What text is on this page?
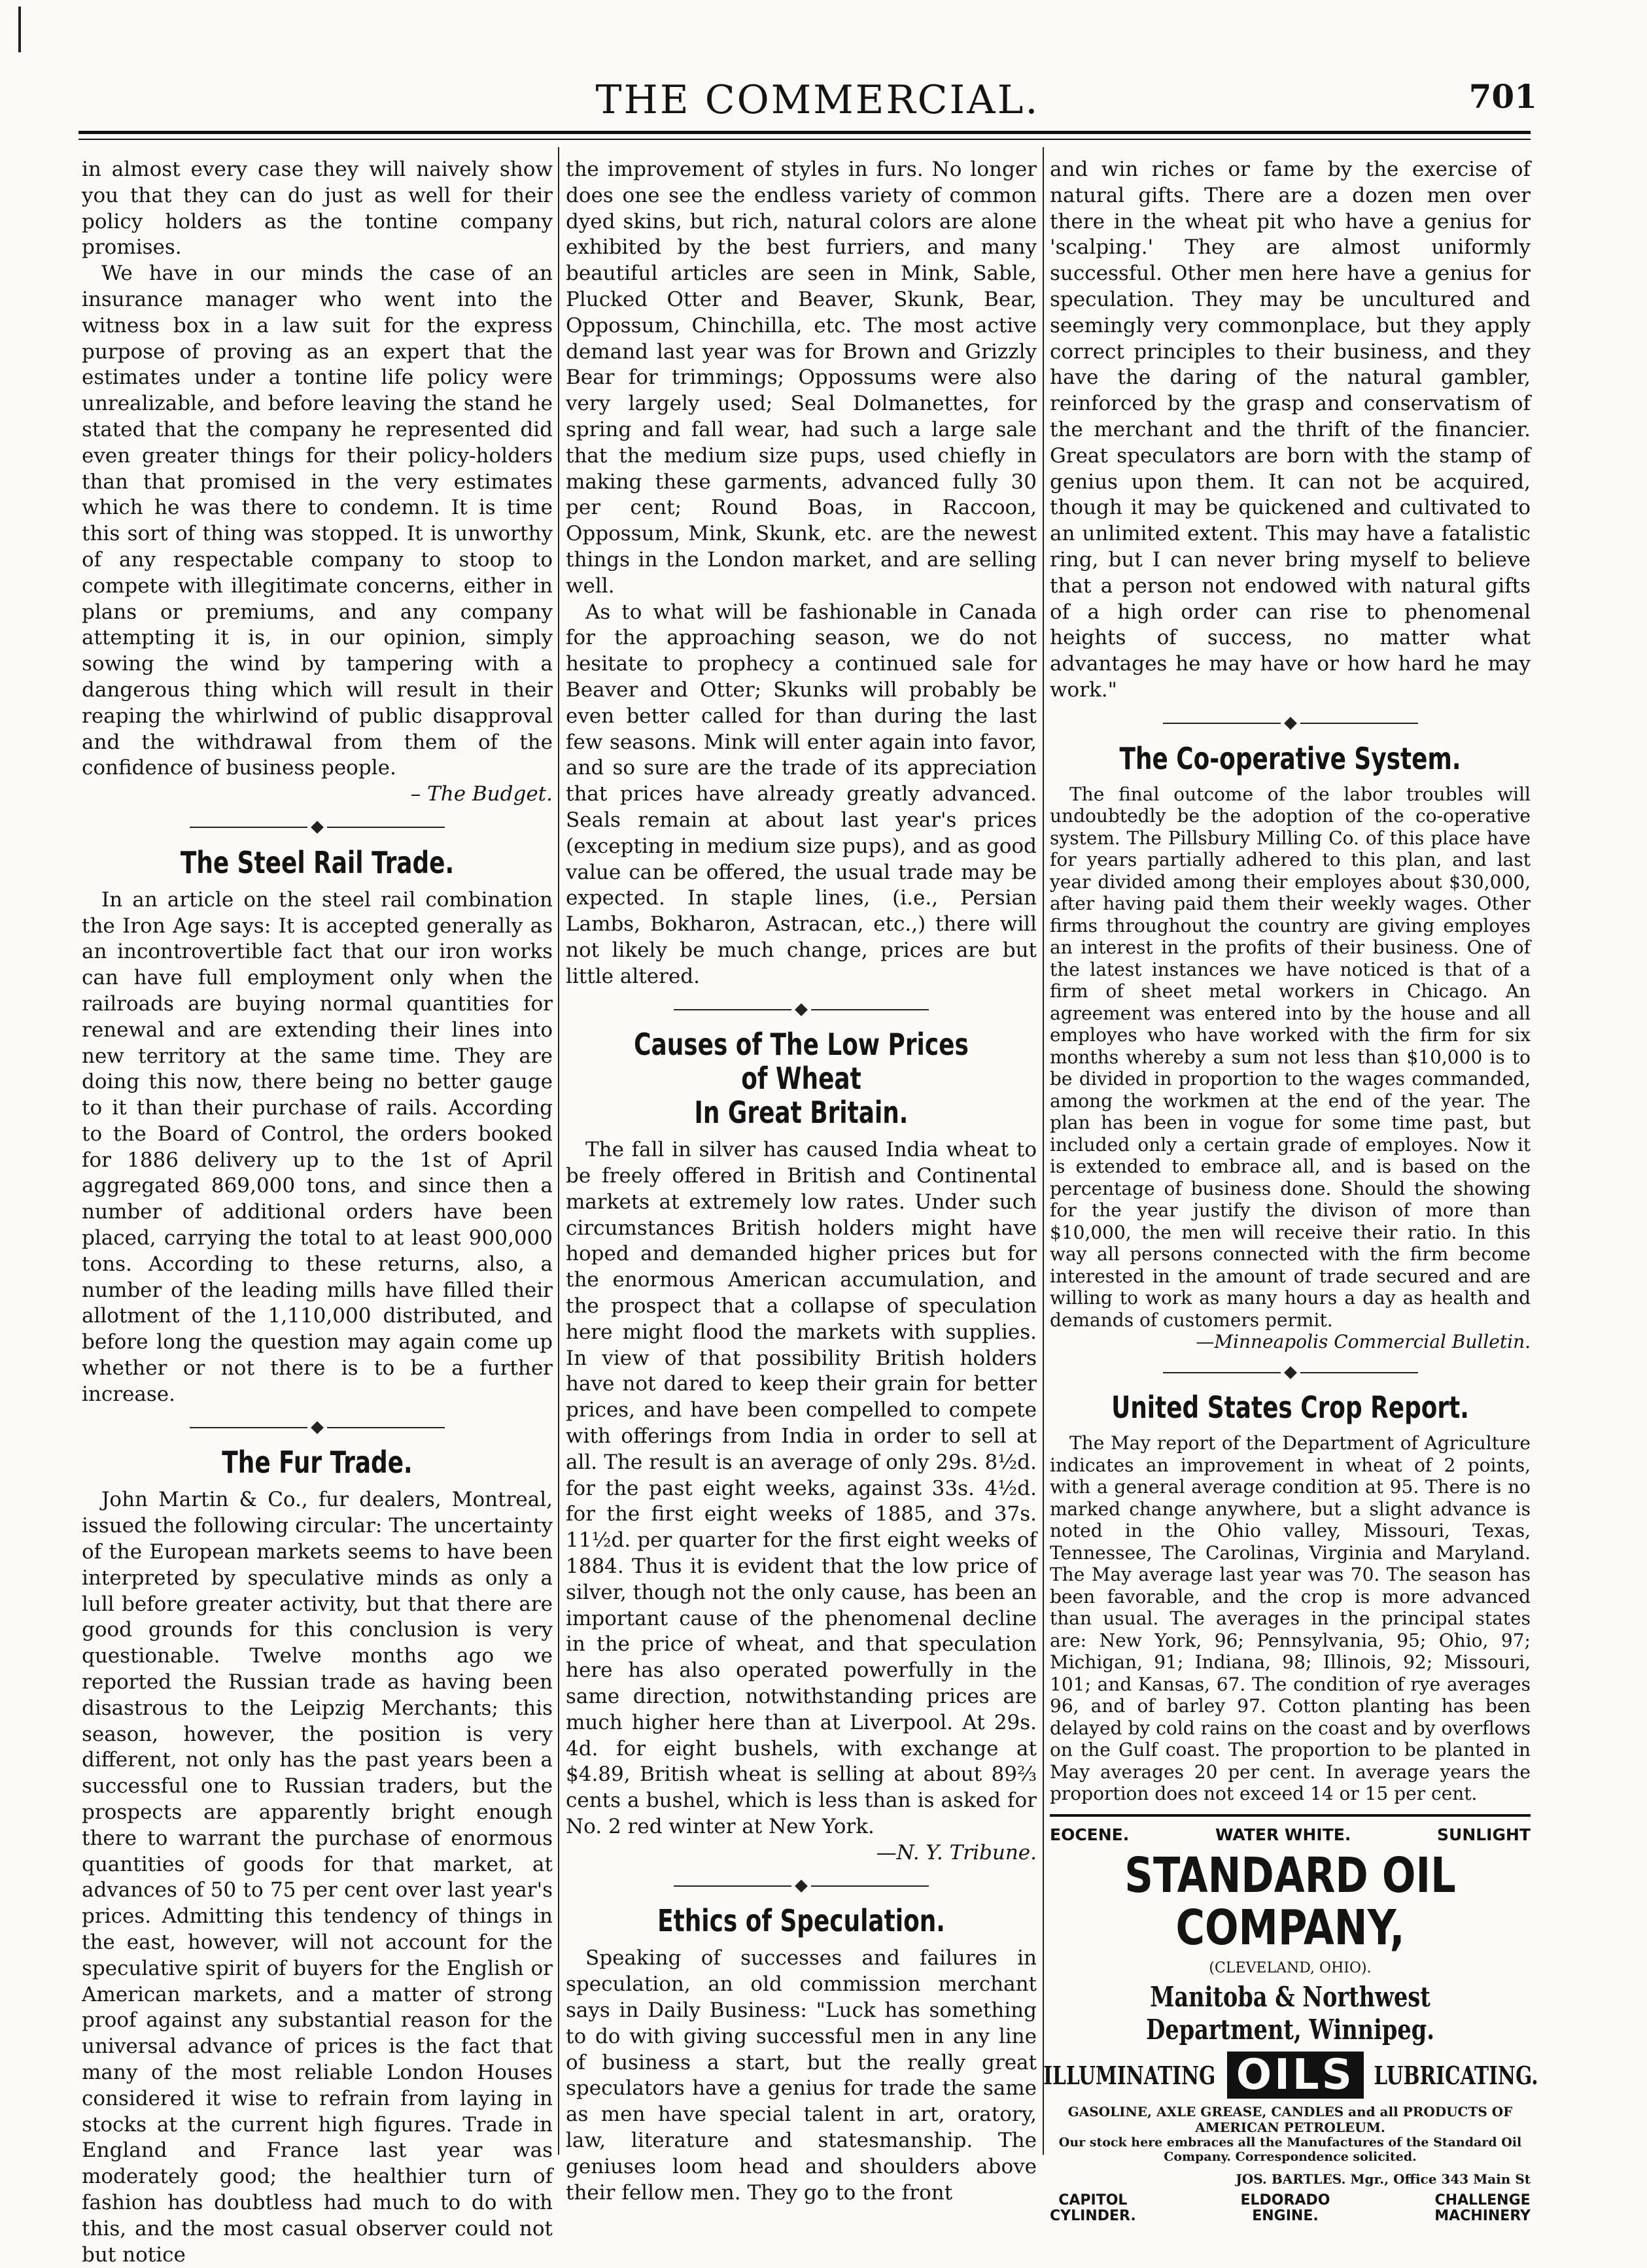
THE COMMERCIAL.	701

in almost every case they will naively show you that they can do just as well for their policy holders as the tontine company promises.

We have in our minds the case of an insurance manager who went into the witness box in a law suit for the express purpose of proving as an expert that the estimates under a tontine life policy were unrealizable, and before leaving the stand he stated that the company he represented did even greater things for their policy-holders than that promised in the very estimates which he was there to condemn. It is time this sort of thing was stopped. It is unworthy of any respectable company to stoop to compete with illegitimate concerns, either in plans or premiums, and any company attempting it is, in our opinion, simply sowing the wind by tampering with a dangerous thing which will result in their reaping the whirlwind of public disapproval and the withdrawal from them of the confidence of business people.

– The Budget.

The Steel Rail Trade.

In an article on the steel rail combination the Iron Age says: It is accepted generally as an incontrovertible fact that our iron works can have full employment only when the railroads are buying normal quantities for renewal and are extending their lines into new territory at the same time. They are doing this now, there being no better gauge to it than their purchase of rails. According to the Board of Control, the orders booked for 1886 delivery up to the 1st of April aggregated 869,000 tons, and since then a number of additional orders have been placed, carrying the total to at least 900,000 tons. According to these returns, also, a number of the leading mills have filled their allotment of the 1,110,000 distributed, and before long the question may again come up whether or not there is to be a further increase.

The Fur Trade.

John Martin & Co., fur dealers, Montreal, issued the following circular: The uncertainty of the European markets seems to have been interpreted by speculative minds as only a lull before greater activity, but that there are good grounds for this conclusion is very questionable. Twelve months ago we reported the Russian trade as having been disastrous to the Leipzig Merchants; this season, however, the position is very different, not only has the past years been a successful one to Russian traders, but the prospects are apparently bright enough there to warrant the purchase of enormous quantities of goods for that market, at advances of 50 to 75 per cent over last year's prices. Admitting this tendency of things in the east, however, will not account for the speculative spirit of buyers for the English or American markets, and a matter of strong proof against any substantial reason for the universal advance of prices is the fact that many of the most reliable London Houses considered it wise to refrain from laying in stocks at the current high figures. Trade in England and France last year was moderately good; the healthier turn of fashion has doubtless had much to do with this, and the most casual observer could not but notice

the improvement of styles in furs. No longer does one see the endless variety of common dyed skins, but rich, natural colors are alone exhibited by the best furriers, and many beautiful articles are seen in Mink, Sable, Plucked Otter and Beaver, Skunk, Bear, Oppossum, Chinchilla, etc. The most active demand last year was for Brown and Grizzly Bear for trimmings; Oppossums were also very largely used; Seal Dolmanettes, for spring and fall wear, had such a large sale that the medium size pups, used chiefly in making these garments, advanced fully 30 per cent; Round Boas, in Raccoon, Oppossum, Mink, Skunk, etc. are the newest things in the London market, and are selling well.

As to what will be fashionable in Canada for the approaching season, we do not hesitate to prophecy a continued sale for Beaver and Otter; Skunks will probably be even better called for than during the last few seasons. Mink will enter again into favor, and so sure are the trade of its appreciation that prices have already greatly advanced. Seals remain at about last year's prices (excepting in medium size pups), and as good value can be offered, the usual trade may be expected. In staple lines, (i.e., Persian Lambs, Bokharon, Astracan, etc.,) there will not likely be much change, prices are but little altered.

Causes of The Low Prices of Wheat
In Great Britain.

The fall in silver has caused India wheat to be freely offered in British and Continental markets at extremely low rates. Under such circumstances British holders might have hoped and demanded higher prices but for the enormous American accumulation, and the prospect that a collapse of speculation here might flood the markets with supplies. In view of that possibility British holders have not dared to keep their grain for better prices, and have been compelled to compete with offerings from India in order to sell at all. The result is an average of only 29s. 8½d. for the past eight weeks, against 33s. 4½d. for the first eight weeks of 1885, and 37s. 11½d. per quarter for the first eight weeks of 1884. Thus it is evident that the low price of silver, though not the only cause, has been an important cause of the phenomenal decline in the price of wheat, and that speculation here has also operated powerfully in the same direction, notwithstanding prices are much higher here than at Liverpool. At 29s. 4d. for eight bushels, with exchange at $4.89, British wheat is selling at about 89⅔ cents a bushel, which is less than is asked for No. 2 red winter at New York.

—N. Y. Tribune.

Ethics of Speculation.

Speaking of successes and failures in speculation, an old commission merchant says in Daily Business: "Luck has something to do with giving successful men in any line of business a start, but the really great speculators have a genius for trade the same as men have special talent in art, oratory, law, literature and statesmanship. The geniuses loom head and shoulders above their fellow men. They go to the front

and win riches or fame by the exercise of natural gifts. There are a dozen men over there in the wheat pit who have a genius for 'scalping.' They are almost uniformly successful. Other men here have a genius for speculation. They may be uncultured and seemingly very commonplace, but they apply correct principles to their business, and they have the daring of the natural gambler, reinforced by the grasp and conservatism of the merchant and the thrift of the financier. Great speculators are born with the stamp of genius upon them. It can not be acquired, though it may be quickened and cultivated to an unlimited extent. This may have a fatalistic ring, but I can never bring myself to believe that a person not endowed with natural gifts of a high order can rise to phenomenal heights of success, no matter what advantages he may have or how hard he may work."

The Co-operative System.

The final outcome of the labor troubles will undoubtedly be the adoption of the co-operative system. The Pillsbury Milling Co. of this place have for years partially adhered to this plan, and last year divided among their employes about $30,000, after having paid them their weekly wages. Other firms throughout the country are giving employes an interest in the profits of their business. One of the latest instances we have noticed is that of a firm of sheet metal workers in Chicago. An agreement was entered into by the house and all employes who have worked with the firm for six months whereby a sum not less than $10,000 is to be divided in proportion to the wages commanded, among the workmen at the end of the year. The plan has been in vogue for some time past, but included only a certain grade of employes. Now it is extended to embrace all, and is based on the percentage of business done. Should the showing for the year justify the divison of more than $10,000, the men will receive their ratio. In this way all persons connected with the firm become interested in the amount of trade secured and are willing to work as many hours a day as health and demands of customers permit.

—Minneapolis Commercial Bulletin.

United States Crop Report.

The May report of the Department of Agriculture indicates an improvement in wheat of 2 points, with a general average condition at 95. There is no marked change anywhere, but a slight advance is noted in the Ohio valley, Missouri, Texas, Tennessee, The Carolinas, Virginia and Maryland. The May average last year was 70. The season has been favorable, and the crop is more advanced than usual. The averages in the principal states are: New York, 96; Pennsylvania, 95; Ohio, 97; Michigan, 91; Indiana, 98; Illinois, 92; Missouri, 101; and Kansas, 67. The condition of rye averages 96, and of barley 97. Cotton planting has been delayed by cold rains on the coast and by overflows on the Gulf coast. The proportion to be planted in May averages 20 per cent. In average years the proportion does not exceed 14 or 15 per cent.

EOCENE.	WATER WHITE.	SUNLIGHT
STANDARD OIL COMPANY,
(CLEVELAND, OHIO).
Manitoba & Northwest Department, Winnipeg.
ILLUMINATING OILS LUBRICATING.
GASOLINE, AXLE GREASE, CANDLES and all PRODUCTS OF AMERICAN PETROLEUM.
Our stock here embraces all the Manufactures of the Standard Oil Company. Correspondence solicited.
JOS. BARTLES. Mgr., Office 343 Main St
CAPITOL
CYLINDER.
ELDORADO
ENGINE.
CHALLENGE
MACHINERY
